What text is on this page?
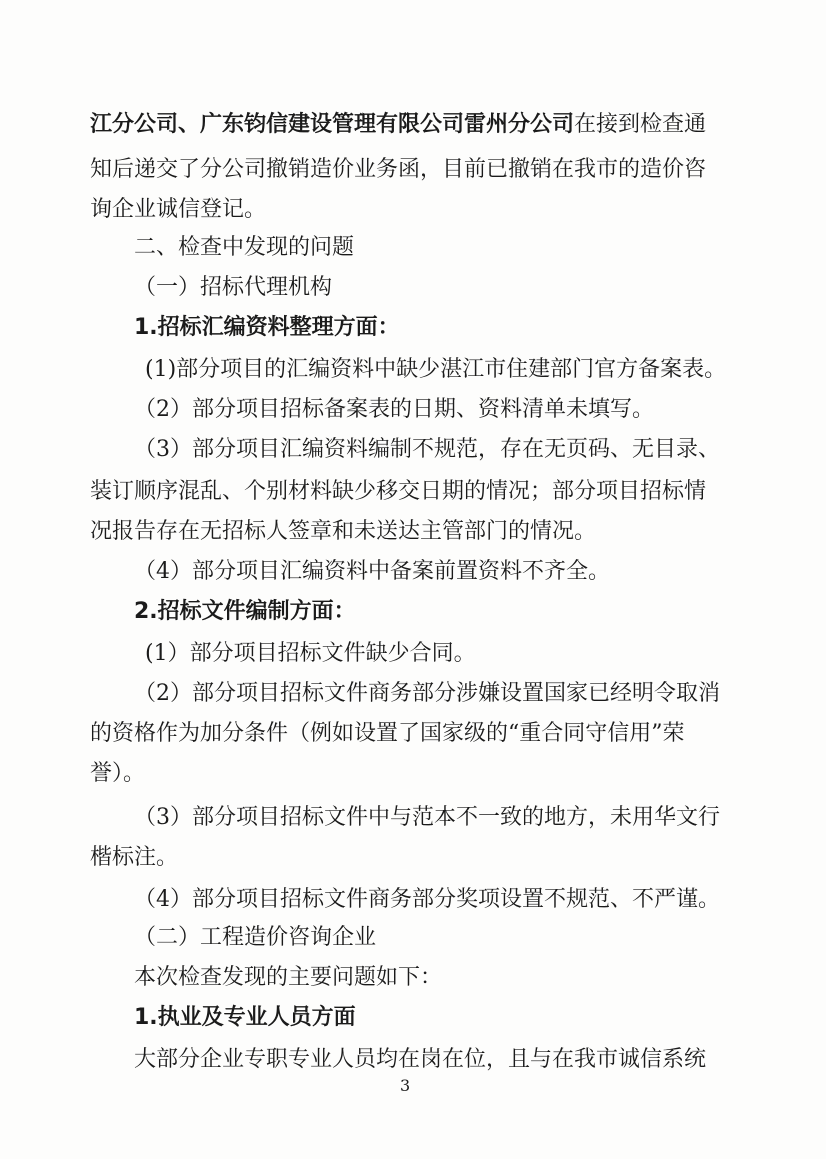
江分公司、广东钧信建设管理有限公司雷州分公司在接到检查通
知后递交了分公司撤销造价业务函，目前已撤销在我市的造价咨
询企业诚信登记。
二、检查中发现的问题
（一）招标代理机构
1.招标汇编资料整理方面：
(1)部分项目的汇编资料中缺少湛江市住建部门官方备案表。
（2）部分项目招标备案表的日期、资料清单未填写。
（3）部分项目汇编资料编制不规范，存在无页码、无目录、
装订顺序混乱、个别材料缺少移交日期的情况；部分项目招标情
况报告存在无招标人签章和未送达主管部门的情况。
（4）部分项目汇编资料中备案前置资料不齐全。
2.招标文件编制方面：
(1）部分项目招标文件缺少合同。
（2）部分项目招标文件商务部分涉嫌设置国家已经明令取消
的资格作为加分条件（例如设置了国家级的“重合同守信用”荣
誉）。
（3）部分项目招标文件中与范本不一致的地方，未用华文行
楷标注。
（4）部分项目招标文件商务部分奖项设置不规范、不严谨。
（二）工程造价咨询企业
本次检查发现的主要问题如下：
1.执业及专业人员方面
大部分企业专职专业人员均在岗在位，且与在我市诚信系统
3
